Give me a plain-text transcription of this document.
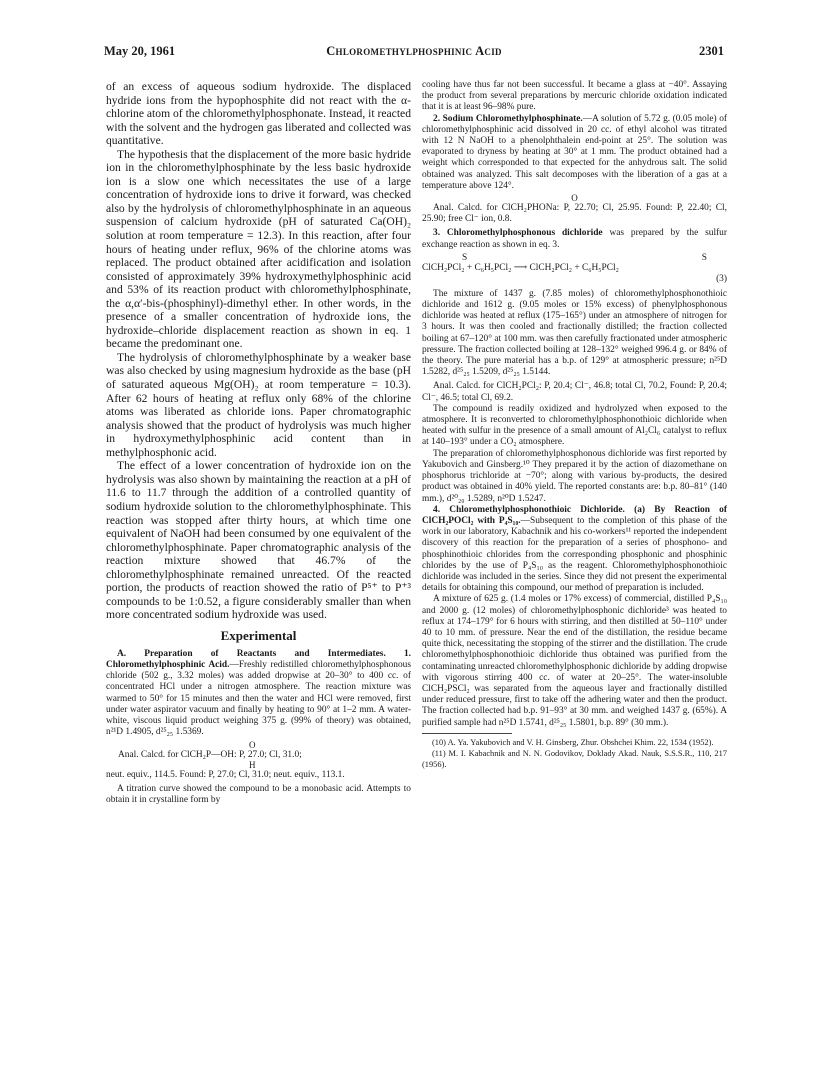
May 20, 1961	Chloromethylphosphinic Acid	2301

of an excess of aqueous sodium hydroxide. The displaced hydride ions from the hypophosphite did not react with the α-chlorine atom of the chloromethylphosphonate. Instead, it reacted with the solvent and the hydrogen gas liberated and collected was quantitative.

The hypothesis that the displacement of the more basic hydride ion in the chloromethylphosphinate by the less basic hydroxide ion is a slow one which necessitates the use of a large concentration of hydroxide ions to drive it forward, was checked also by the hydrolysis of chloromethylphosphinate in an aqueous suspension of calcium hydroxide (pH of saturated Ca(OH)₂ solution at room temperature = 12.3). In this reaction, after four hours of heating under reflux, 96% of the chlorine atoms was replaced. The product obtained after acidification and isolation consisted of approximately 39% hydroxymethylphosphinic acid and 53% of its reaction product with chloromethylphosphinate, the α,α′-bis-(phosphinyl)-dimethyl ether. In other words, in the presence of a smaller concentration of hydroxide ions, the hydroxide–chloride displacement reaction as shown in eq. 1 became the predominant one.

The hydrolysis of chloromethylphosphinate by a weaker base was also checked by using magnesium hydroxide as the base (pH of saturated aqueous Mg(OH)₂ at room temperature = 10.3). After 62 hours of heating at reflux only 68% of the chlorine atoms was liberated as chloride ions. Paper chromatographic analysis showed that the product of hydrolysis was much higher in hydroxymethylphosphinic acid content than in methylphosphonic acid.

The effect of a lower concentration of hydroxide ion on the hydrolysis was also shown by maintaining the reaction at a pH of 11.6 to 11.7 through the addition of a controlled quantity of sodium hydroxide solution to the chloromethylphosphinate. This reaction was stopped after thirty hours, at which time one equivalent of NaOH had been consumed by one equivalent of the chloromethylphosphinate. Paper chromatographic analysis of the reaction mixture showed that 46.7% of the chloromethylphosphinate remained unreacted. Of the reacted portion, the products of reaction showed the ratio of P⁵⁺ to P⁺³ compounds to be 1:0.52, a figure considerably smaller than when more concentrated sodium hydroxide was used.

Experimental

A. Preparation of Reactants and Intermediates. 1. Chloromethylphosphinic Acid.—Freshly redistilled chloromethylphosphonous chloride (502 g., 3.32 moles) was added dropwise at 20–30° to 400 cc. of concentrated HCl under a nitrogen atmosphere. The reaction mixture was warmed to 50° for 15 minutes and then the water and HCl were removed, first under water aspirator vacuum and finally by heating to 90° at 1–2 mm. A water-white, viscous liquid product weighing 375 g. (99% of theory) was obtained, n²¹D 1.4905, d²⁵₂₅ 1.5369.

O
Anal. Calcd. for ClCH₂P—OH: P, 27.0; Cl, 31.0;
H
neut. equiv., 114.5. Found: P, 27.0; Cl, 31.0; neut. equiv., 113.1.

A titration curve showed the compound to be a monobasic acid. Attempts to obtain it in crystalline form by

cooling have thus far not been successful. It became a glass at −40°. Assaying the product from several preparations by mercuric chloride oxidation indicated that it is at least 96–98% pure.

2. Sodium Chloromethylphosphinate.—A solution of 5.72 g. (0.05 mole) of chloromethylphosphinic acid dissolved in 20 cc. of ethyl alcohol was titrated with 12 N NaOH to a phenolphthalein end-point at 25°. The solution was evaporated to dryness by heating at 30° at 1 mm. The product obtained had a weight which corresponded to that expected for the anhydrous salt. The solid obtained was analyzed. This salt decomposes with the liberation of a gas at a temperature above 124°.

O

Anal. Calcd. for ClCH₂PHONa: P, 22.70; Cl, 25.95. Found: P, 22.40; Cl, 25.90; free Cl⁻ ion, 0.8.

3. Chloromethylphosphonous dichloride was prepared by the sulfur exchange reaction as shown in eq. 3.

S	S
ClCH₂PCl₂ + C₆H₅PCl₂ ⟶ ClCH₂PCl₂ + C₆H₅PCl₂
(3)

The mixture of 1437 g. (7.85 moles) of chloromethylphosphonothioic dichloride and 1612 g. (9.05 moles or 15% excess) of phenylphosphonous dichloride was heated at reflux (175–165°) under an atmosphere of nitrogen for 3 hours. It was then cooled and fractionally distilled; the fraction collected boiling at 67–120° at 100 mm. was then carefully fractionated under atmospheric pressure. The fraction collected boiling at 128–132° weighed 996.4 g. or 84% of the theory. The pure material has a b.p. of 129° at atmospheric pressure; n²⁵D 1.5282, d²⁵₂₅ 1.5209, d²⁵₂₅ 1.5144.

Anal. Calcd. for ClCH₂PCl₂: P, 20.4; Cl⁻, 46.8; total Cl, 70.2, Found: P, 20.4; Cl⁻, 46.5; total Cl, 69.2.

The compound is readily oxidized and hydrolyzed when exposed to the atmosphere. It is reconverted to chloromethylphosphonothioic dichloride when heated with sulfur in the presence of a small amount of Al₂Cl₆ catalyst to reflux at 140–193° under a CO₂ atmosphere.

The preparation of chloromethylphosphonous dichloride was first reported by Yakubovich and Ginsberg.¹⁰ They prepared it by the action of diazomethane on phosphorus trichloride at −70°; along with various by-products, the desired product was obtained in 40% yield. The reported constants are: b.p. 80–81° (140 mm.), d²⁰₂₀ 1.5289, n²⁰D 1.5247.

4. Chloromethylphosphonothioic Dichloride. (a) By Reaction of ClCH₂POCl₂ with P₄S₁₀.—Subsequent to the completion of this phase of the work in our laboratory, Kabachnik and his co-workers¹¹ reported the independent discovery of this reaction for the preparation of a series of phosphono- and phosphinothioic chlorides from the corresponding phosphonic and phosphinic chlorides by the use of P₄S₁₀ as the reagent. Chloromethylphosphonothioic dichloride was included in the series. Since they did not present the experimental details for obtaining this compound, our method of preparation is included.

A mixture of 625 g. (1.4 moles or 17% excess) of commercial, distilled P₄S₁₀ and 2000 g. (12 moles) of chloromethylphosphonic dichloride³ was heated to reflux at 174–179° for 6 hours with stirring, and then distilled at 50–110° under 40 to 10 mm. of pressure. Near the end of the distillation, the residue became quite thick, necessitating the stopping of the stirrer and the distillation. The crude chloromethylphosphonothioic dichloride thus obtained was purified from the contaminating unreacted chloromethylphosphonic dichloride by adding dropwise with vigorous stirring 400 cc. of water at 20–25°. The water-insoluble ClCH₂PSCl₂ was separated from the aqueous layer and fractionally distilled under reduced pressure, first to take off the adhering water and then the product. The fraction collected had b.p. 91–93° at 30 mm. and weighed 1437 g. (65%). A purified sample had n²⁵D 1.5741, d²⁵₂₅ 1.5801, b.p. 89° (30 mm.).

(10) A. Ya. Yakubovich and V. H. Ginsberg, Zhur. Obshchei Khim. 22, 1534 (1952).

(11) M. I. Kabachnik and N. N. Godovikov, Doklady Akad. Nauk, S.S.S.R., 110, 217 (1956).
